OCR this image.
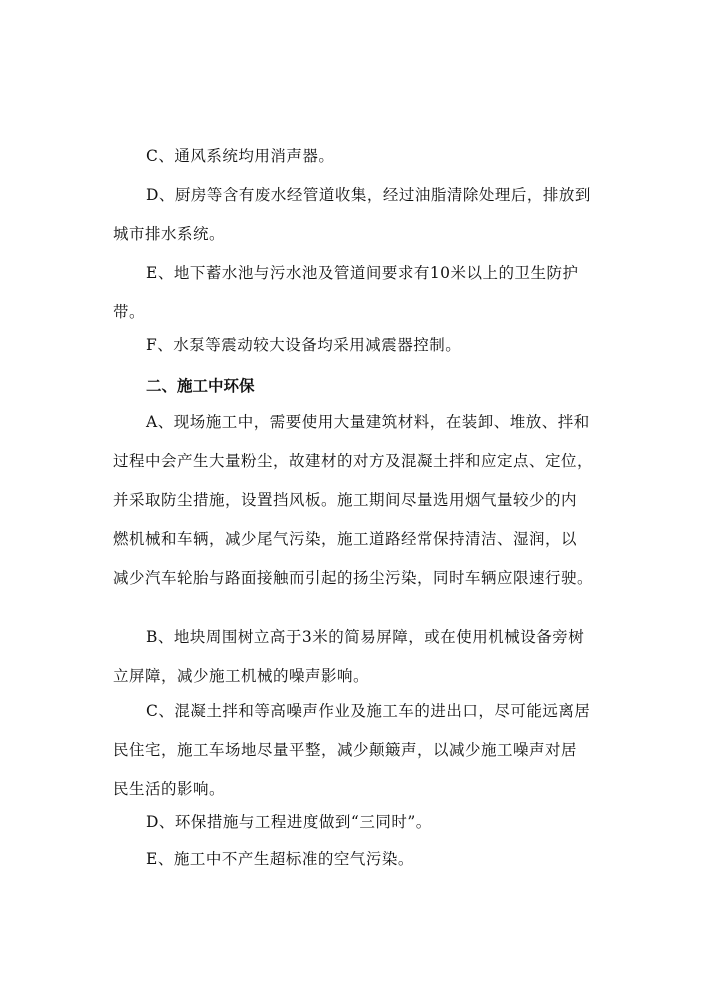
C、通风系统均用消声器。

D、厨房等含有废水经管道收集，经过油脂清除处理后，排放到
城市排水系统。

E、地下蓄水池与污水池及管道间要求有10米以上的卫生防护
带。

F、水泵等震动较大设备均采用减震器控制。

二、施工中环保

A、现场施工中，需要使用大量建筑材料，在装卸、堆放、拌和
过程中会产生大量粉尘，故建材的对方及混凝土拌和应定点、定位，
并采取防尘措施，设置挡风板。施工期间尽量选用烟气量较少的内
燃机械和车辆，减少尾气污染，施工道路经常保持清洁、湿润，以
减少汽车轮胎与路面接触而引起的扬尘污染，同时车辆应限速行驶。

B、地块周围树立高于3米的简易屏障，或在使用机械设备旁树
立屏障，减少施工机械的噪声影响。

C、混凝土拌和等高噪声作业及施工车的进出口，尽可能远离居
民住宅，施工车场地尽量平整，减少颠簸声，以减少施工噪声对居
民生活的影响。

D、环保措施与工程进度做到“三同时”。

E、施工中不产生超标准的空气污染。
